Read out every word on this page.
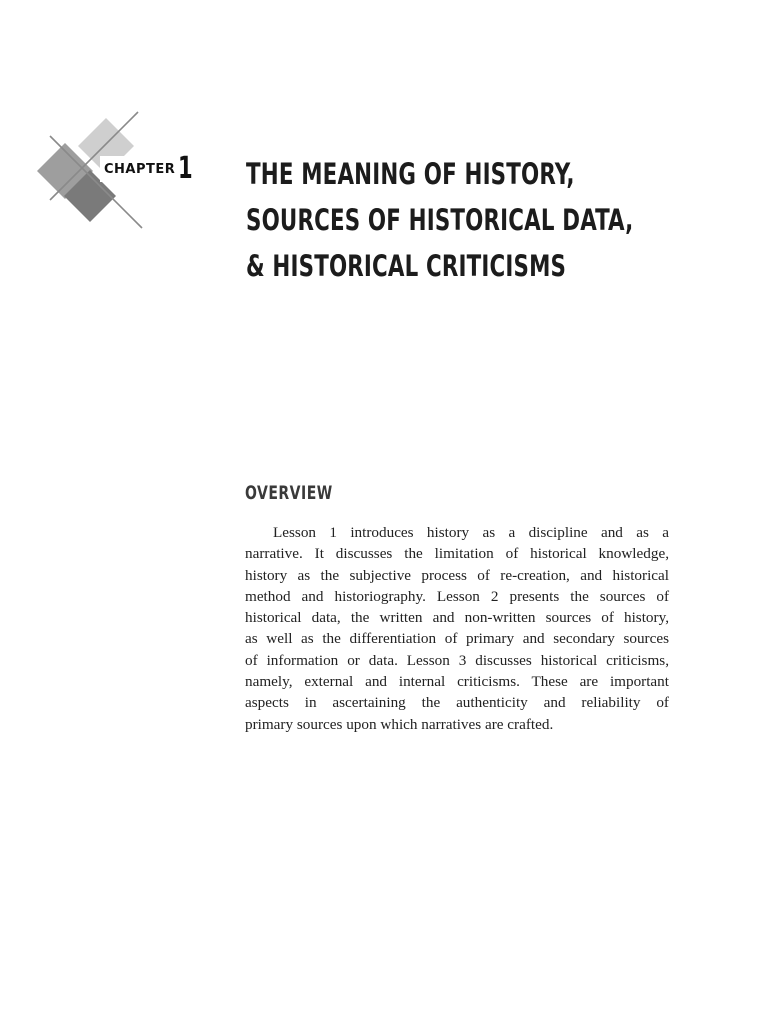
CHAPTER 1 THE MEANING OF HISTORY,
SOURCES OF HISTORICAL DATA,
& HISTORICAL CRITICISMS
OVERVIEW

Lesson 1 introduces history as a discipline and as a
narrative. It discusses the limitation of historical knowledge,
history as the subjective process of re-creation, and historical
method and historiography. Lesson 2 presents the sources of
historical data, the written and non-written sources of history,
as well as the differentiation of primary and secondary sources
of information or data. Lesson 3 discusses historical criticisms,
namely, external and internal criticisms. These are important
aspects in ascertaining the authenticity and reliability of
primary sources upon which narratives are crafted.
